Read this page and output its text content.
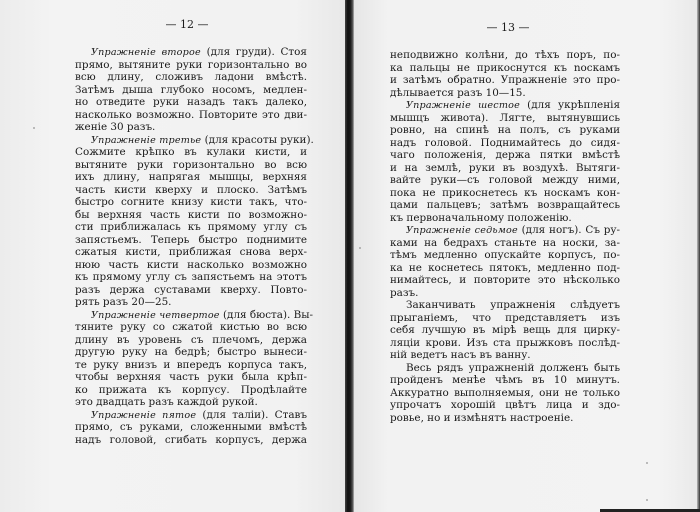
— 12 —
Упражненiе второе (для груди). Стоя
прямо, вытяните руки горизонтально во
всю длину, сложивъ ладони вмѣстѣ.
Затѣмъ дыша глубоко носомъ, медлен-
но отведите руки назадъ такъ далеко,
насколько возможно. Повторите это дви-
женiе 30 разъ.
Упражненiе третье (для красоты руки).
Сожмите крѣпко въ кулаки кисти, и
вытяните руки горизонтально во всю
ихъ длину, напрягая мышцы, верхняя
часть кисти кверху и плоско. Затѣмъ
быстро согните книзу кисти такъ, что-
бы верхняя часть кисти по возможно-
сти приближалась къ прямому углу съ
запястьемъ. Теперь быстро поднимите
сжатыя кисти, приближая снова верх-
нюю часть кисти насколько возможно
къ прямому углу съ запястьемъ на этотъ
разъ держа суставами кверху. Повто-
рять разъ 20—25.
Упражненiе четвертое (для бюста). Вы-
тяните руку со сжатой кистью во всю
длину въ уровень съ плечомъ, держа
другую руку на бедрѣ; быстро вынеси-
те руку внизъ и впередъ корпуса такъ,
чтобы верхняя часть руки была крѣп-
ко прижата къ корпусу. Продѣлайте
это двадцать разъ каждой рукой.
Упражненiе пятое (для талiи). Ставъ
прямо, съ руками, сложенными вмѣстѣ
надъ головой, сгибать корпусъ, держа
— 13 —
неподвижно колѣни, до тѣхъ поръ, по-
ка пальцы не прикоснутся къ noскамъ
и затѣмъ обратно. Упражненiе это про-
дѣлывается разъ 10—15.
Упражненiе шестое (для укрѣпленiя
мышцъ живота). Лягте, вытянувшись
ровно, на спинѣ на полъ, съ руками
надъ головой. Поднимайтесь до сидя-
чаго положенiя, держа пятки вмѣстѣ
и на землѣ, руки въ воздухѣ. Вытяги-
вайте руки—съ головой между ними,
пока не прикоснетесь къ носкамъ кон-
цами пальцевъ; затѣмъ возвращайтесь
къ первоначальному положенiю.
Упражненiе седьмое (для ногъ). Съ ру-
ками на бедрахъ станьте на носки, за-
тѣмъ медленно опускайте корпусъ, по-
ка не коснетесь пятокъ, медленно под-
нимайтесь, и повторите это нѣсколько
разъ.
Заканчивать упражненiя слѣдуетъ
прыганiемъ, что представляетъ изъ
себя лучшую въ мiрѣ вещь для цирку-
ляцiи крови. Изъ ста прыжковъ послѣд-
нiй ведетъ насъ въ ванну.
Весь рядъ упражненiй долженъ быть
пройденъ менѣе чѣмъ въ 10 минутъ.
Аккуратно выполняемыя, они не только
упрочатъ хорошiй цвѣтъ лица и здо-
ровье, но и измѣнятъ настроенiе.
